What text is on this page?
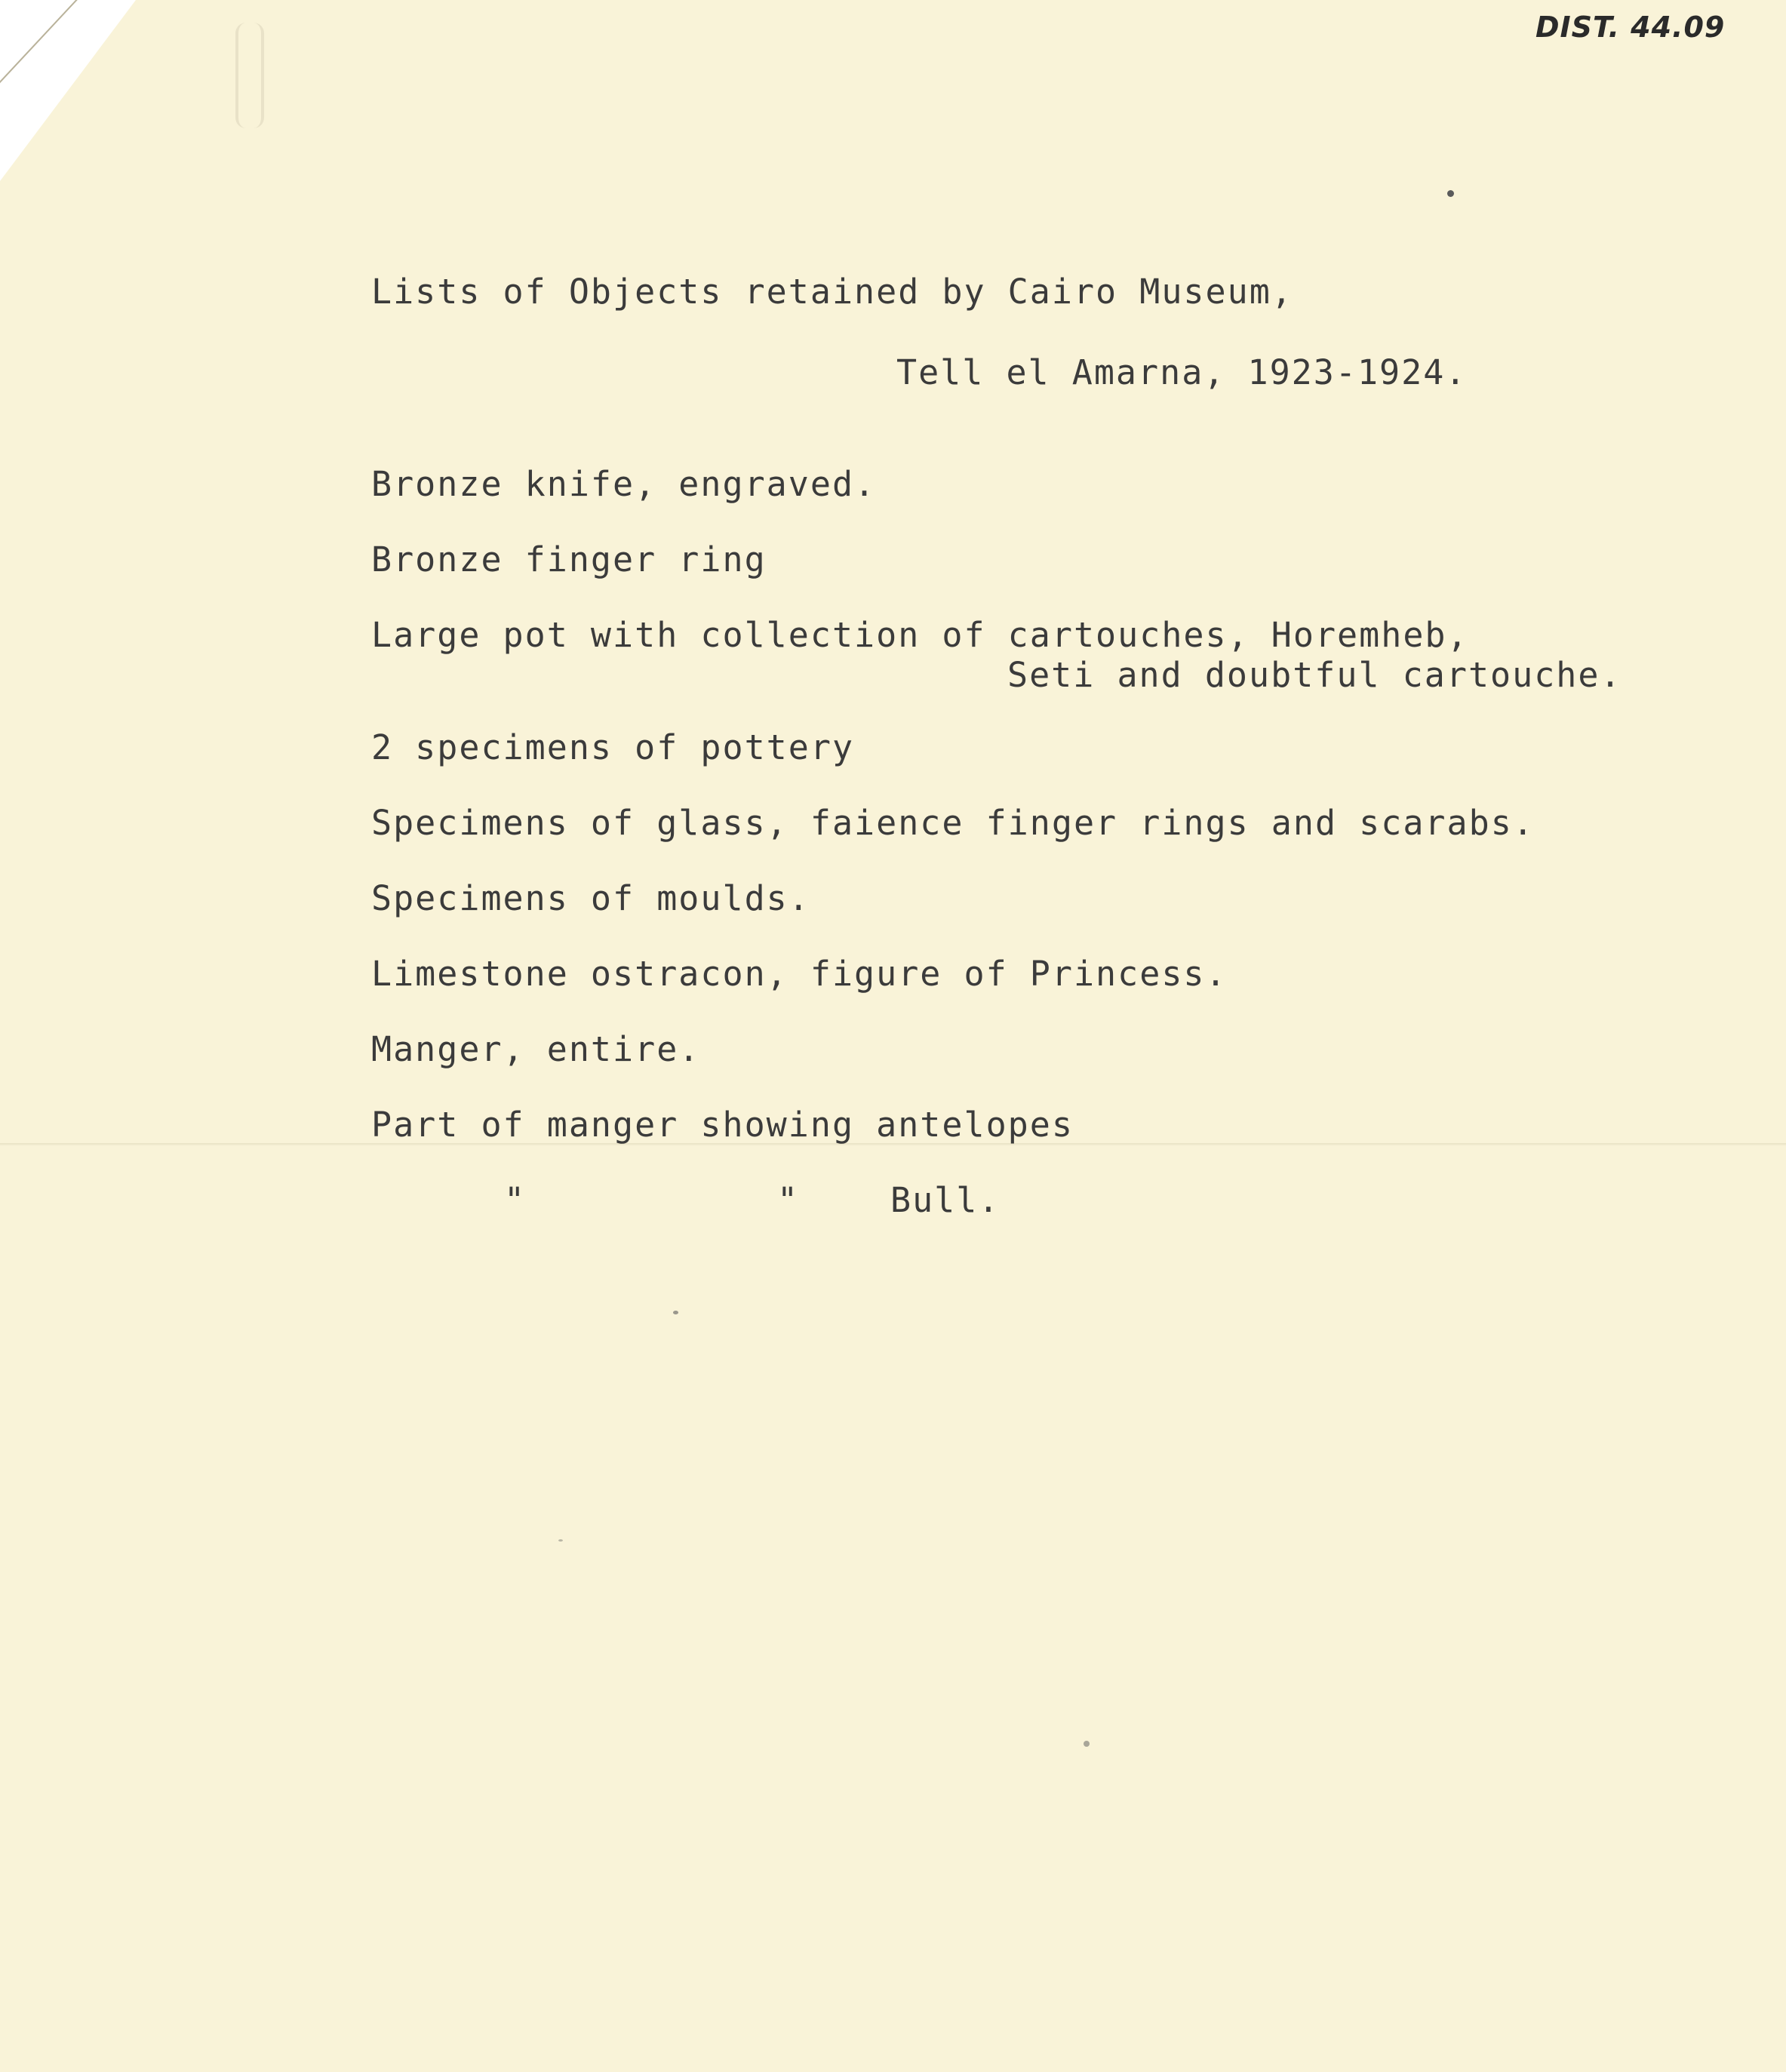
DIST. 44.09
Lists of Objects retained by Cairo Museum,
Tell el Amarna, 1923-1924.
Bronze knife, engraved.
Bronze finger ring
Large pot with collection of cartouches, Horemheb,
Seti and doubtful cartouche.
2 specimens of pottery
Specimens of glass, faience finger rings and scarabs.
Specimens of moulds.
Limestone ostracon, figure of Princess.
Manger, entire.
Part of manger showing antelopes
"	"	Bull.
